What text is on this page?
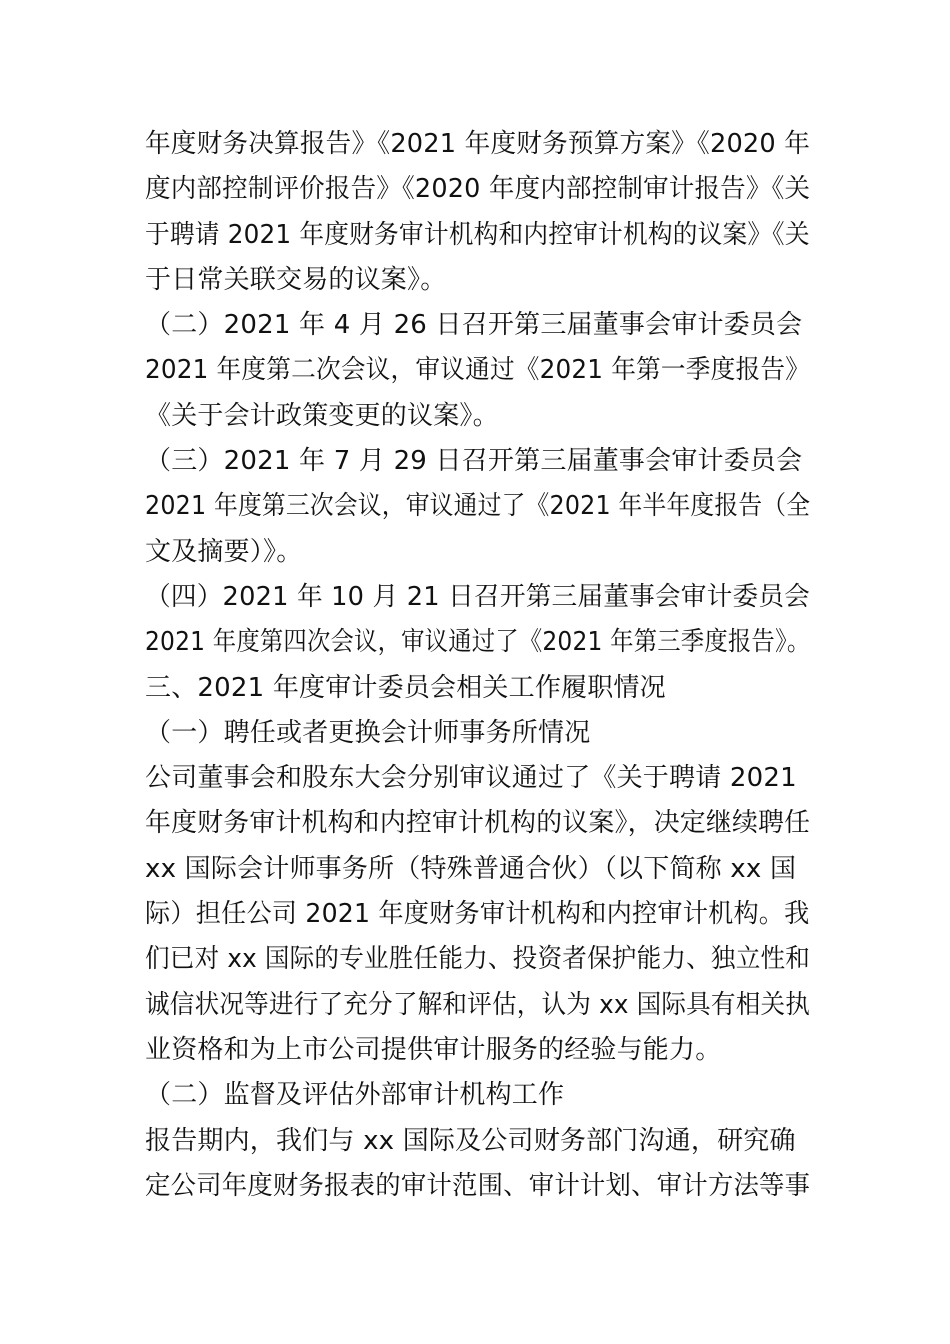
年度财务决算报告》《2021 年度财务预算方案》《2020 年
度内部控制评价报告》《2020 年度内部控制审计报告》《关
于聘请 2021 年度财务审计机构和内控审计机构的议案》《关
于日常关联交易的议案》。
（二）2021 年 4 月 26 日召开第三届董事会审计委员会
2021 年度第二次会议，审议通过《2021 年第一季度报告》
《关于会计政策变更的议案》。
（三）2021 年 7 月 29 日召开第三届董事会审计委员会
2021 年度第三次会议，审议通过了《2021 年半年度报告（全
文及摘要）》。
（四）2021 年 10 月 21 日召开第三届董事会审计委员会
2021 年度第四次会议，审议通过了《2021 年第三季度报告》。
三、2021 年度审计委员会相关工作履职情况
（一）聘任或者更换会计师事务所情况
公司董事会和股东大会分别审议通过了《关于聘请 2021
年度财务审计机构和内控审计机构的议案》，决定继续聘任
xx 国际会计师事务所（特殊普通合伙）（以下简称 xx 国
际）担任公司 2021 年度财务审计机构和内控审计机构。我
们已对 xx 国际的专业胜任能力、投资者保护能力、独立性和
诚信状况等进行了充分了解和评估，认为 xx 国际具有相关执
业资格和为上市公司提供审计服务的经验与能力。
（二）监督及评估外部审计机构工作
报告期内，我们与 xx 国际及公司财务部门沟通，研究确
定公司年度财务报表的审计范围、审计计划、审计方法等事
